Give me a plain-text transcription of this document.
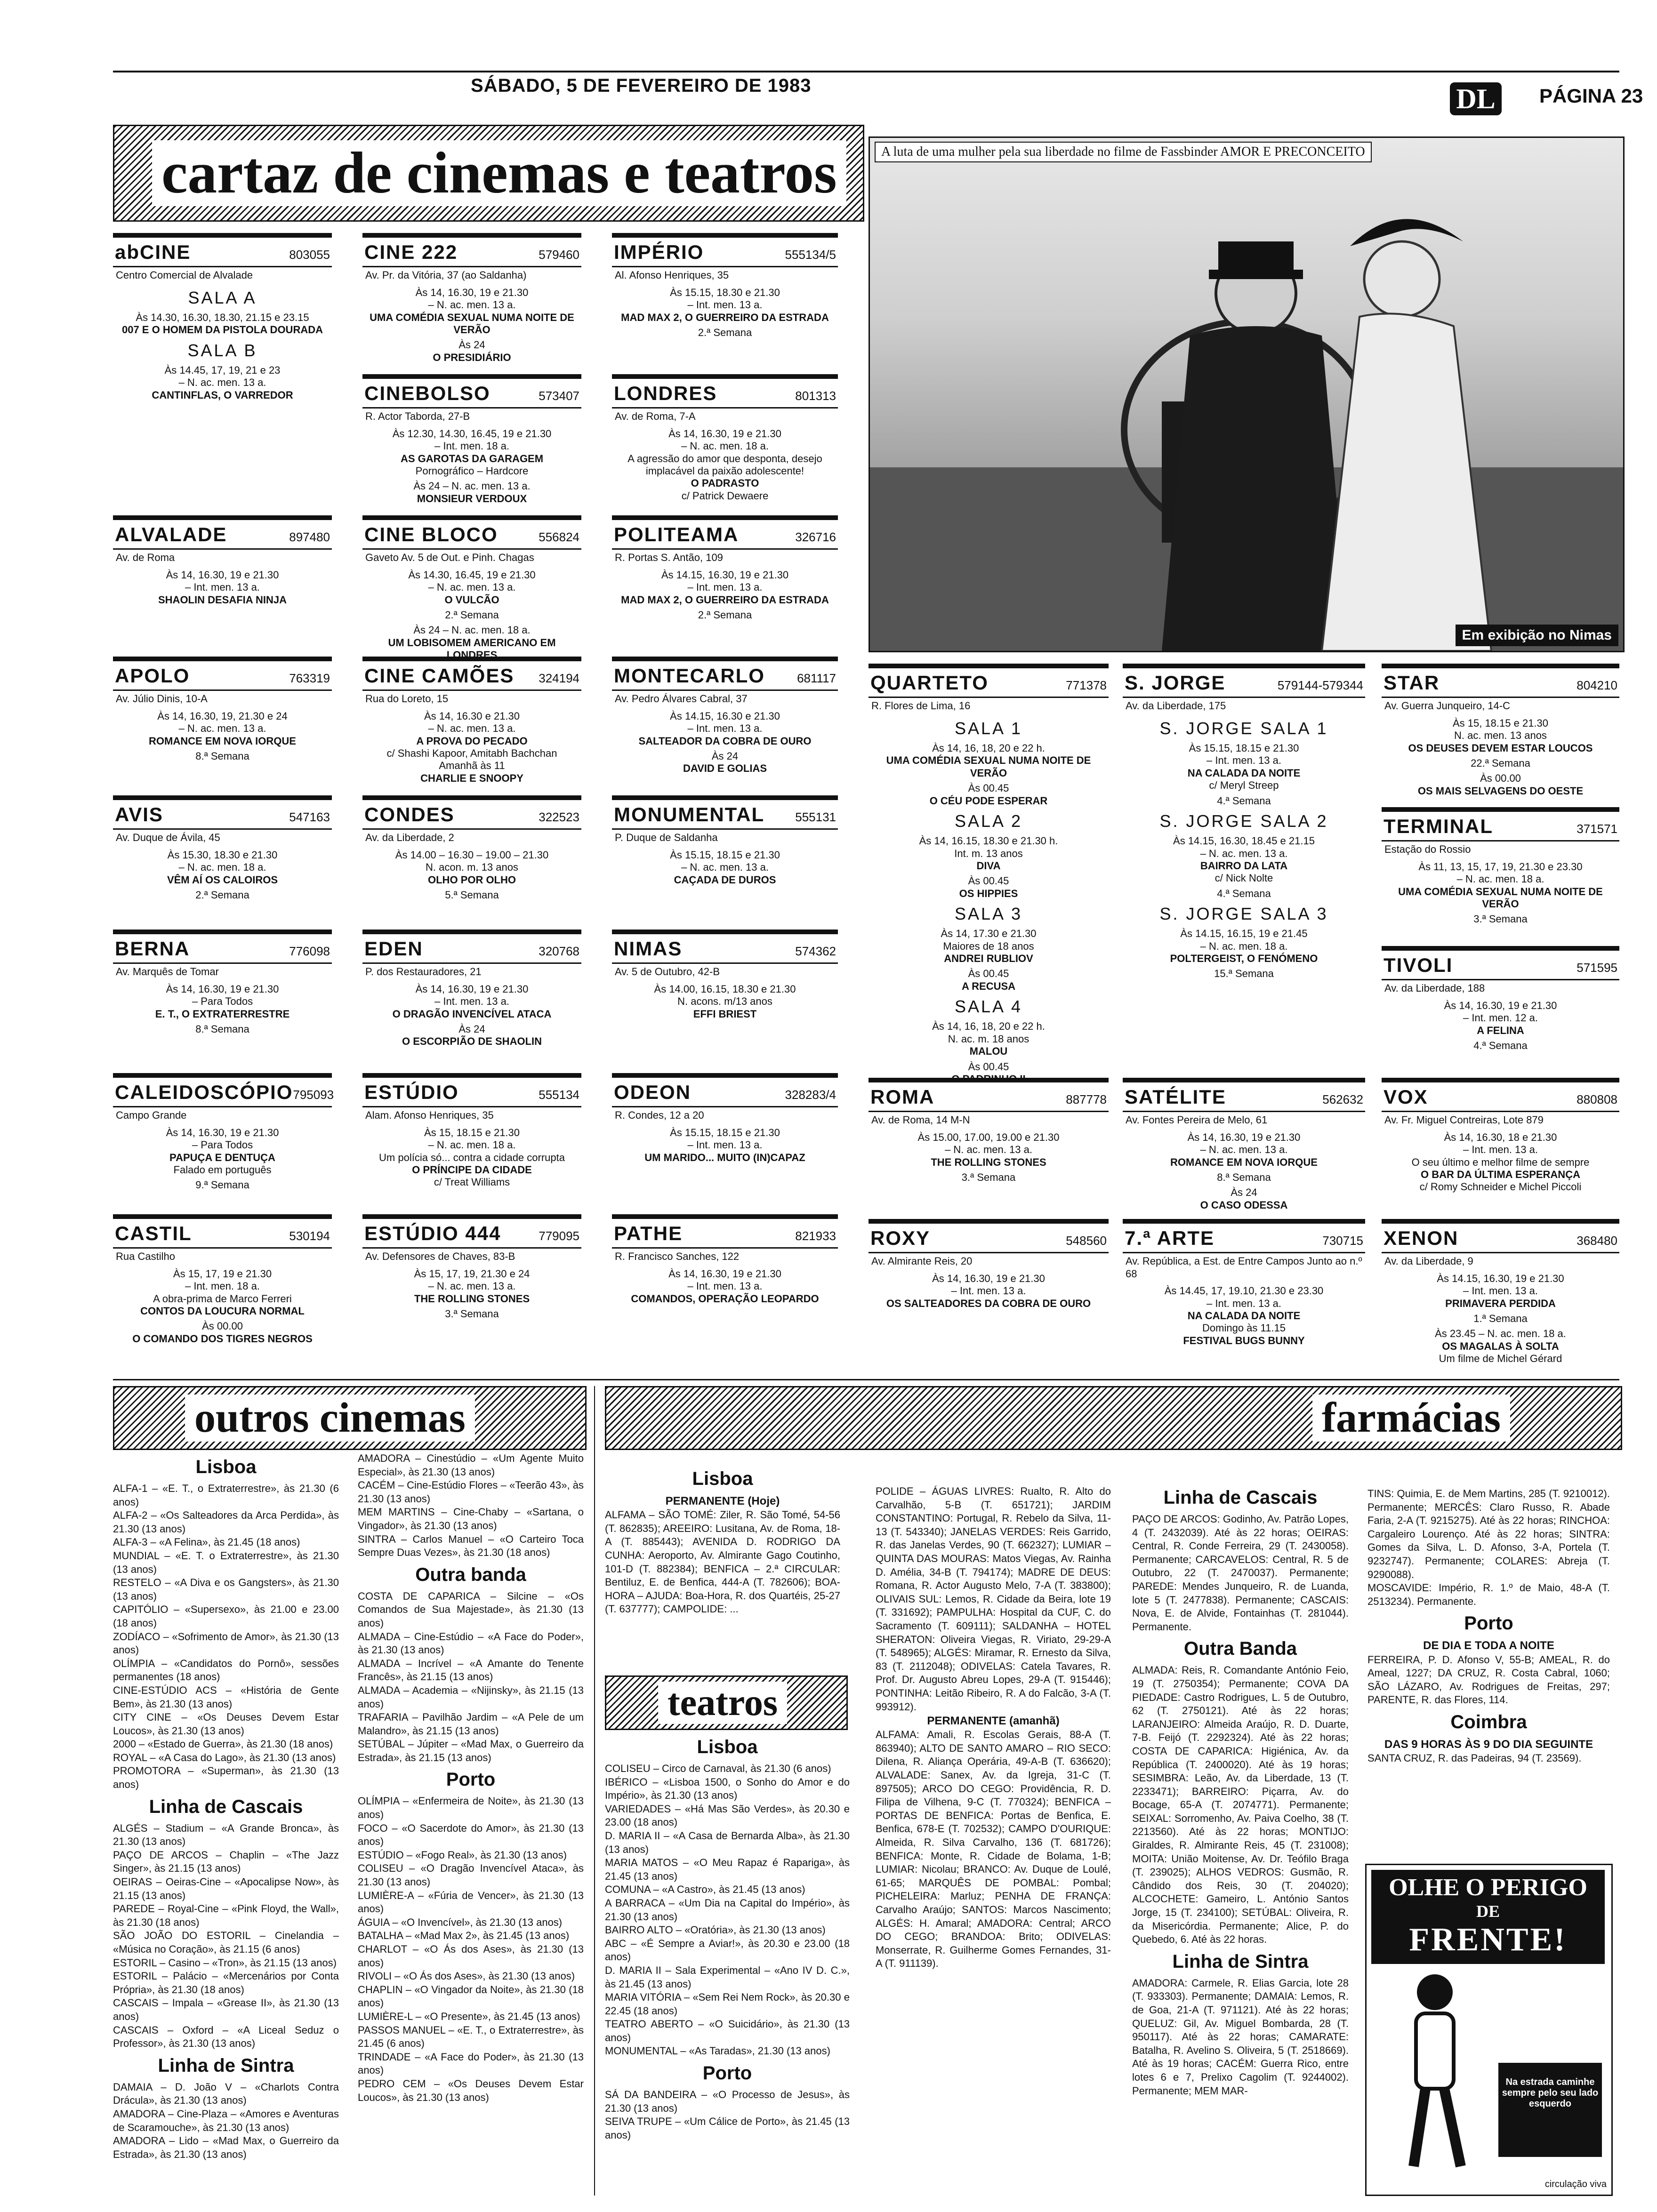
SÁBADO, 5 DE FEVEREIRO DE 1983	DL	PÁGINA 23
cartaz de cinemas e teatros	A luta de uma mulher pela sua liberdade no filme de Fassbinder AMOR E PRECONCEITO
Em exibição no Nimas
abCINE	803055
Centro Comercial de Alvalade
SALA A
Às 14.30, 16.30, 18.30, 21.15 e 23.15
007 E O HOMEM DA PISTOLA DOURADA
SALA B
Às 14.45, 17, 19, 21 e 23
– N. ac. men. 13 a.
CANTINFLAS, O VARREDOR
ALVALADE	897480
Av. de Roma
Às 14, 16.30, 19 e 21.30
– Int. men. 13 a.
SHAOLIN DESAFIA NINJA
APOLO	763319
Av. Júlio Dinis, 10-A
Às 14, 16.30, 19, 21.30 e 24
– N. ac. men. 13 a.
ROMANCE EM NOVA IORQUE
8.ª Semana
AVIS	547163
Av. Duque de Ávila, 45
Às 15.30, 18.30 e 21.30
– N. ac. men. 18 a.
VÊM AÍ OS CALOIROS
2.ª Semana
BERNA	776098
Av. Marquês de Tomar
Às 14, 16.30, 19 e 21.30
– Para Todos
E. T., O EXTRATERRESTRE
8.ª Semana
CALEIDOSCÓPIO 795093
Campo Grande
Às 14, 16.30, 19 e 21.30
– Para Todos
PAPUÇA E DENTUÇA
Falado em português
9.ª Semana
CASTIL	530194
Rua Castilho
Às 15, 17, 19 e 21.30
– Int. men. 18 a.
A obra-prima de Marco Ferreri
CONTOS DA LOUCURA NORMAL
Às 00.00
O COMANDO DOS TIGRES NEGROS
CINE 222	579460
Av. Pr. da Vitória, 37 (ao Saldanha)
Às 14, 16.30, 19 e 21.30
– N. ac. men. 13 a.
UMA COMÉDIA SEXUAL NUMA NOITE DE VERÃO
Às 24
O PRESIDIÁRIO
CINEBOLSO	573407
R. Actor Taborda, 27-B
Às 12.30, 14.30, 16.45, 19 e 21.30
– Int. men. 18 a.
AS GAROTAS DA GARAGEM
Pornográfico – Hardcore
Às 24 – N. ac. men. 13 a.
MONSIEUR VERDOUX
CINE BLOCO	556824
Gaveto Av. 5 de Out. e Pinh. Chagas
Às 14.30, 16.45, 19 e 21.30
– N. ac. men. 13 a.
O VULCÃO
2.ª Semana
Às 24 – N. ac. men. 18 a.
UM LOBISOMEM AMERICANO EM LONDRES
CINE CAMÕES 324194
Rua do Loreto, 15
Às 14, 16.30 e 21.30
– N. ac. men. 13 a.
A PROVA DO PECADO
c/ Shashi Kapoor, Amitabh Bachchan
Amanhã às 11
CHARLIE E SNOOPY
CONDES	322523
Av. da Liberdade, 2
Às 14.00 – 16.30 – 19.00 – 21.30
N. acon. m. 13 anos
OLHO POR OLHO
5.ª Semana
EDEN	320768
P. dos Restauradores, 21
Às 14, 16.30, 19 e 21.30
– Int. men. 13 a.
O DRAGÃO INVENCÍVEL ATACA
Às 24
O ESCORPIÃO DE SHAOLIN
ESTÚDIO	555134
Alam. Afonso Henriques, 35
Às 15, 18.15 e 21.30
– N. ac. men. 18 a.
Um polícia só... contra a cidade corrupta
O PRÍNCIPE DA CIDADE
c/ Treat Williams
ESTÚDIO 444	779095
Av. Defensores de Chaves, 83-B
Às 15, 17, 19, 21.30 e 24
– N. ac. men. 13 a.
THE ROLLING STONES
3.ª Semana
IMPÉRIO	555134/5
Al. Afonso Henriques, 35
Às 15.15, 18.30 e 21.30
– Int. men. 13 a.
MAD MAX 2, O GUERREIRO DA ESTRADA
2.ª Semana
LONDRES	801313
Av. de Roma, 7-A
Às 14, 16.30, 19 e 21.30
– N. ac. men. 18 a.
A agressão do amor que desponta, desejo implacável da paixão adolescente!
O PADRASTO
c/ Patrick Dewaere
POLITEAMA	326716
R. Portas S. Antão, 109
Às 14.15, 16.30, 19 e 21.30
– Int. men. 13 a.
MAD MAX 2, O GUERREIRO DA ESTRADA
2.ª Semana
MONTECARLO	681117
Av. Pedro Álvares Cabral, 37
Às 14.15, 16.30 e 21.30
– Int. men. 13 a.
SALTEADOR DA COBRA DE OURO
Às 24
DAVID E GOLIAS
MONUMENTAL	555131
P. Duque de Saldanha
Às 15.15, 18.15 e 21.30
– N. ac. men. 13 a.
CAÇADA DE DUROS
NIMAS	574362
Av. 5 de Outubro, 42-B
Às 14.00, 16.15, 18.30 e 21.30
N. acons. m/13 anos
EFFI BRIEST
ODEON	328283/4
R. Condes, 12 a 20
Às 15.15, 18.15 e 21.30
– Int. men. 13 a.
UM MARIDO... MUITO (IN)CAPAZ
PATHE	821933
R. Francisco Sanches, 122
Às 14, 16.30, 19 e 21.30
– Int. men. 13 a.
COMANDOS, OPERAÇÃO LEOPARDO
QUARTETO	771378
R. Flores de Lima, 16
SALA 1
Às 14, 16, 18, 20 e 22 h.
UMA COMÉDIA SEXUAL NUMA NOITE DE VERÃO
Às 00.45
O CÉU PODE ESPERAR
SALA 2
Às 14, 16.15, 18.30 e 21.30 h.
Int. m. 13 anos
DIVA
Às 00.45
OS HIPPIES
SALA 3
Às 14, 17.30 e 21.30
Maiores de 18 anos
ANDREI RUBLIOV
Às 00.45
A RECUSA
SALA 4
Às 14, 16, 18, 20 e 22 h.
N. ac. m. 18 anos
MALOU
Às 00.45
O PADRINHO II
ROMA	887778
Av. de Roma, 14 M-N
Às 15.00, 17.00, 19.00 e 21.30
– N. ac. men. 13 a.
THE ROLLING STONES
3.ª Semana
ROXY	548560
Av. Almirante Reis, 20
Às 14, 16.30, 19 e 21.30
– Int. men. 13 a.
OS SALTEADORES DA COBRA DE OURO
S. JORGE	579144-579344
Av. da Liberdade, 175
S. JORGE SALA 1
Às 15.15, 18.15 e 21.30
– Int. men. 13 a.
NA CALADA DA NOITE
c/ Meryl Streep
4.ª Semana
S. JORGE SALA 2
Às 14.15, 16.30, 18.45 e 21.15
– N. ac. men. 13 a.
BAIRRO DA LATA
c/ Nick Nolte
4.ª Semana
S. JORGE SALA 3
Às 14.15, 16.15, 19 e 21.45
– N. ac. men. 18 a.
POLTERGEIST, O FENÓMENO
15.ª Semana
SATÉLITE	562632
Av. Fontes Pereira de Melo, 61
Às 14, 16.30, 19 e 21.30
– N. ac. men. 13 a.
ROMANCE EM NOVA IORQUE
8.ª Semana
Às 24
O CASO ODESSA
7.ª ARTE	730715
Av. República, a Est. de Entre Campos Junto ao n.º 68
Às 14.45, 17, 19.10, 21.30 e 23.30
– Int. men. 13 a.
NA CALADA DA NOITE
Domingo às 11.15
FESTIVAL BUGS BUNNY
STAR	804210
Av. Guerra Junqueiro, 14-C
Às 15, 18.15 e 21.30
N. ac. men. 13 anos
OS DEUSES DEVEM ESTAR LOUCOS
22.ª Semana
Às 00.00
OS MAIS SELVAGENS DO OESTE
TERMINAL	371571
Estação do Rossio
Às 11, 13, 15, 17, 19, 21.30 e 23.30
– N. ac. men. 18 a.
UMA COMÉDIA SEXUAL NUMA NOITE DE VERÃO
3.ª Semana
TIVOLI	571595
Av. da Liberdade, 188
Às 14, 16.30, 19 e 21.30
– Int. men. 12 a.
A FELINA
4.ª Semana
VOX	880808
Av. Fr. Miguel Contreiras, Lote 879
Às 14, 16.30, 18 e 21.30
– Int. men. 13 a.
O seu último e melhor filme de sempre
O BAR DA ÚLTIMA ESPERANÇA
c/ Romy Schneider e Michel Piccoli
XENON	368480
Av. da Liberdade, 9
Às 14.15, 16.30, 19 e 21.30
– Int. men. 13 a.
PRIMAVERA PERDIDA
1.ª Semana
Às 23.45 – N. ac. men. 18 a.
OS MAGALAS À SOLTA
Um filme de Michel Gérard
outros cinemas	farmácias
Lisboa

ALFA-1 – «E. T., o Extraterrestre», às 21.30 (6 anos)

ALFA-2 – «Os Salteadores da Arca Perdida», às 21.30 (13 anos)

ALFA-3 – «A Felina», às 21.45 (18 anos)

MUNDIAL – «E. T. o Extraterrestre», às 21.30 (13 anos)

RESTELO – «A Diva e os Gangsters», às 21.30 (13 anos)

CAPITÓLIO – «Supersexo», às 21.00 e 23.00 (18 anos)

ZODÍACO – «Sofrimento de Amor», às 21.30 (13 anos)

OLÍMPIA – «Candidatos do Pornô», sessões permanentes (18 anos)

CINE-ESTÚDIO ACS – «História de Gente Bem», às 21.30 (13 anos)

CITY CINE – «Os Deuses Devem Estar Loucos», às 21.30 (13 anos)

2000 – «Estado de Guerra», às 21.30 (18 anos)

ROYAL – «A Casa do Lago», às 21.30 (13 anos)

PROMOTORA – «Superman», às 21.30 (13 anos)

Linha de Cascais

ALGÉS – Stadium – «A Grande Bronca», às 21.30 (13 anos)

PAÇO DE ARCOS – Chaplin – «The Jazz Singer», às 21.15 (13 anos)

OEIRAS – Oeiras-Cine – «Apocalipse Now», às 21.15 (13 anos)

PAREDE – Royal-Cine – «Pink Floyd, the Wall», às 21.30 (18 anos)

SÃO JOÃO DO ESTORIL – Cinelandia – «Música no Coração», às 21.15 (6 anos)

ESTORIL – Casino – «Tron», às 21.15 (13 anos)

ESTORIL – Palácio – «Mercenários por Conta Própria», às 21.30 (18 anos)

CASCAIS – Impala – «Grease II», às 21.30 (13 anos)

CASCAIS – Oxford – «A Liceal Seduz o Professor», às 21.30 (13 anos)

Linha de Sintra

DAMAIA – D. João V – «Charlots Contra Drácula», às 21.30 (13 anos)

AMADORA – Cine-Plaza – «Amores e Aventuras de Scaramouche», às 21.30 (13 anos)

AMADORA – Lido – «Mad Max, o Guerreiro da Estrada», às 21.30 (13 anos)

AMADORA – Cinestúdio – «Um Agente Muito Especial», às 21.30 (13 anos)

CACÉM – Cine-Estúdio Flores – «Teerão 43», às 21.30 (13 anos)

MEM MARTINS – Cine-Chaby – «Sartana, o Vingador», às 21.30 (13 anos)

SINTRA – Carlos Manuel – «O Carteiro Toca Sempre Duas Vezes», às 21.30 (18 anos)

Outra banda

COSTA DE CAPARICA – Silcine – «Os Comandos de Sua Majestade», às 21.30 (13 anos)

ALMADA – Cine-Estúdio – «A Face do Poder», às 21.30 (13 anos)

ALMADA – Incrível – «A Amante do Tenente Francês», às 21.15 (13 anos)

ALMADA – Academia – «Nijinsky», às 21.15 (13 anos)

TRAFARIA – Pavilhão Jardim – «A Pele de um Malandro», às 21.15 (13 anos)

SETÚBAL – Júpiter – «Mad Max, o Guerreiro da Estrada», às 21.15 (13 anos)

Porto

OLÍMPIA – «Enfermeira de Noite», às 21.30 (13 anos)

FOCO – «O Sacerdote do Amor», às 21.30 (13 anos)

ESTÚDIO – «Fogo Real», às 21.30 (13 anos)

COLISEU – «O Dragão Invencível Ataca», às 21.30 (13 anos)

LUMIÈRE-A – «Fúria de Vencer», às 21.30 (13 anos)

ÁGUIA – «O Invencível», às 21.30 (13 anos)

BATALHA – «Mad Max 2», às 21.45 (13 anos)

CHARLOT – «O Ás dos Ases», às 21.30 (13 anos)

RIVOLI – «O Ás dos Ases», às 21.30 (13 anos)

CHAPLIN – «O Vingador da Noite», às 21.30 (18 anos)

LUMIÈRE-L – «O Presente», às 21.45 (13 anos)

PASSOS MANUEL – «E. T., o Extraterrestre», às 21.45 (6 anos)

TRINDADE – «A Face do Poder», às 21.30 (13 anos)

PEDRO CEM – «Os Deuses Devem Estar Loucos», às 21.30 (13 anos)

Lisboa
PERMANENTE (Hoje)

ALFAMA – SÃO TOMÉ: Ziler, R. São Tomé, 54-56 (T. 862835); AREEIRO: Lusitana, Av. de Roma, 18-A (T. 885443); AVENIDA D. RODRIGO DA CUNHA: Aeroporto, Av. Almirante Gago Coutinho, 101-D (T. 882384); BENFICA – 2.ª CIRCULAR: Bentiluz, E. de Benfica, 444-A (T. 782606); BOA-HORA – AJUDA: Boa-Hora, R. dos Quartéis, 25-27 (T. 637777); CAMPOLIDE: ...

POLIDE – ÁGUAS LIVRES: Rualto, R. Alto do Carvalhão, 5-B (T. 651721); JARDIM CONSTANTINO: Portugal, R. Rebelo da Silva, 11-13 (T. 543340); JANELAS VERDES: Reis Garrido, R. das Janelas Verdes, 90 (T. 662327); LUMIAR – QUINTA DAS MOURAS: Matos Viegas, Av. Rainha D. Amélia, 34-B (T. 794174); MADRE DE DEUS: Romana, R. Actor Augusto Melo, 7-A (T. 383800); OLIVAIS SUL: Lemos, R. Cidade da Beira, lote 19 (T. 331692); PAMPULHA: Hospital da CUF, C. do Sacramento (T. 609111); SALDANHA – HOTEL SHERATON: Oliveira Viegas, R. Viriato, 29-29-A (T. 548965); ALGÉS: Miramar, R. Ernesto da Silva, 83 (T. 2112048); ODIVELAS: Catela Tavares, R. Prof. Dr. Augusto Abreu Lopes, 29-A (T. 915446); PONTINHA: Leitão Ribeiro, R. A do Falcão, 3-A (T. 993912).

PERMANENTE (amanhã)

ALFAMA: Amali, R. Escolas Gerais, 88-A (T. 863940); ALTO DE SANTO AMARO – RIO SECO: Dilena, R. Aliança Operária, 49-A-B (T. 636620); ALVALADE: Sanex, Av. da Igreja, 31-C (T. 897505); ARCO DO CEGO: Providência, R. D. Filipa de Vilhena, 9-C (T. 770324); BENFICA – PORTAS DE BENFICA: Portas de Benfica, E. Benfica, 678-E (T. 702532); CAMPO D'OURIQUE: Almeida, R. Silva Carvalho, 136 (T. 681726); BENFICA: Monte, R. Cidade de Bolama, 1-B; LUMIAR: Nicolau; BRANCO: Av. Duque de Loulé, 61-65; MARQUÊS DE POMBAL: Pombal; PICHELEIRA: Marluz; PENHA DE FRANÇA: Carvalho Araújo; SANTOS: Marcos Nascimento; ALGÉS: H. Amaral; AMADORA: Central; ARCO DO CEGO; BRANDOA: Brito; ODIVELAS: Monserrate, R. Guilherme Gomes Fernandes, 31-A (T. 911139).

Linha de Cascais

PAÇO DE ARCOS: Godinho, Av. Patrão Lopes, 4 (T. 2432039). Até às 22 horas; OEIRAS: Central, R. Conde Ferreira, 29 (T. 2430058). Permanente; CARCAVELOS: Central, R. 5 de Outubro, 22 (T. 2470037). Permanente; PAREDE: Mendes Junqueiro, R. de Luanda, lote 5 (T. 2477838). Permanente; CASCAIS: Nova, E. de Alvide, Fontainhas (T. 281044). Permanente.

Outra Banda

ALMADA: Reis, R. Comandante António Feio, 19 (T. 2750354); Permanente; COVA DA PIEDADE: Castro Rodrigues, L. 5 de Outubro, 62 (T. 2750121). Até às 22 horas; LARANJEIRO: Almeida Araújo, R. D. Duarte, 7-B. Feijó (T. 2292324). Até às 22 horas; COSTA DE CAPARICA: Higiénica, Av. da República (T. 2400020). Até às 19 horas; SESIMBRA: Leão, Av. da Liberdade, 13 (T. 2233471); BARREIRO: Piçarra, Av. do Bocage, 65-A (T. 2074771). Permanente; SEIXAL: Sorromenho, Av. Paiva Coelho, 38 (T. 2213560). Até às 22 horas; MONTIJO: Giraldes, R. Almirante Reis, 45 (T. 231008); MOITA: União Moitense, Av. Dr. Teófilo Braga (T. 239025); ALHOS VEDROS: Gusmão, R. Cândido dos Reis, 30 (T. 204020); ALCOCHETE: Gameiro, L. António Santos Jorge, 15 (T. 234100); SETÚBAL: Oliveira, R. da Misericórdia. Permanente; Alice, P. do Quebedo, 6. Até às 22 horas.

Linha de Sintra

AMADORA: Carmele, R. Elias Garcia, lote 28 (T. 933303). Permanente; DAMAIA: Lemos, R. de Goa, 21-A (T. 971121). Até às 22 horas; QUELUZ: Gil, Av. Miguel Bombarda, 28 (T. 950117). Até às 22 horas; CAMARATE: Batalha, R. Avelino S. Oliveira, 5 (T. 2518669). Até às 19 horas; CACÉM: Guerra Rico, entre lotes 6 e 7, Prelixo Cagolim (T. 9244002). Permanente; MEM MAR-

TINS: Quimia, E. de Mem Martins, 285 (T. 9210012). Permanente; MERCÊS: Claro Russo, R. Abade Faria, 2-A (T. 9215275). Até às 22 horas; RINCHOA: Cargaleiro Lourenço. Até às 22 horas; SINTRA: Gomes da Silva, L. D. Afonso, 3-A, Portela (T. 9232747). Permanente; COLARES: Abreja (T. 9290088).

MOSCAVIDE: Império, R. 1.º de Maio, 48-A (T. 2513234). Permanente.

Porto
DE DIA E TODA A NOITE

FERREIRA, P. D. Afonso V, 55-B; AMEAL, R. do Ameal, 1227; DA CRUZ, R. Costa Cabral, 1060; SÃO LÁZARO, Av. Rodrigues de Freitas, 297; PARENTE, R. das Flores, 114.

Coimbra
DAS 9 HORAS ÀS 9 DO DIA SEGUINTE

SANTA CRUZ, R. das Padeiras, 94 (T. 23569).

teatros
Lisboa

COLISEU – Circo de Carnaval, às 21.30 (6 anos)

IBÉRICO – «Lisboa 1500, o Sonho do Amor e do Império», às 21.30 (13 anos)

VARIEDADES – «Há Mas São Verdes», às 20.30 e 23.00 (18 anos)

D. MARIA II – «A Casa de Bernarda Alba», às 21.30 (13 anos)

MARIA MATOS – «O Meu Rapaz é Rapariga», às 21.45 (13 anos)

COMUNA – «A Castro», às 21.45 (13 anos)

A BARRACA – «Um Dia na Capital do Império», às 21.30 (13 anos)

BAIRRO ALTO – «Oratória», às 21.30 (13 anos)

ABC – «É Sempre a Aviar!», às 20.30 e 23.00 (18 anos)

D. MARIA II – Sala Experimental – «Ano IV D. C.», às 21.45 (13 anos)

MARIA VITÓRIA – «Sem Rei Nem Rock», às 20.30 e 22.45 (18 anos)

TEATRO ABERTO – «O Suicidário», às 21.30 (13 anos)

MONUMENTAL – «As Taradas», 21.30 (13 anos)

Porto

SÁ DA BANDEIRA – «O Processo de Jesus», às 21.30 (13 anos)

SEIVA TRUPE – «Um Cálice de Porto», às 21.45 (13 anos)

OLHE O PERIGO
DE
FRENTE!
Na estrada caminhe sempre pelo seu lado esquerdo
circulação viva
